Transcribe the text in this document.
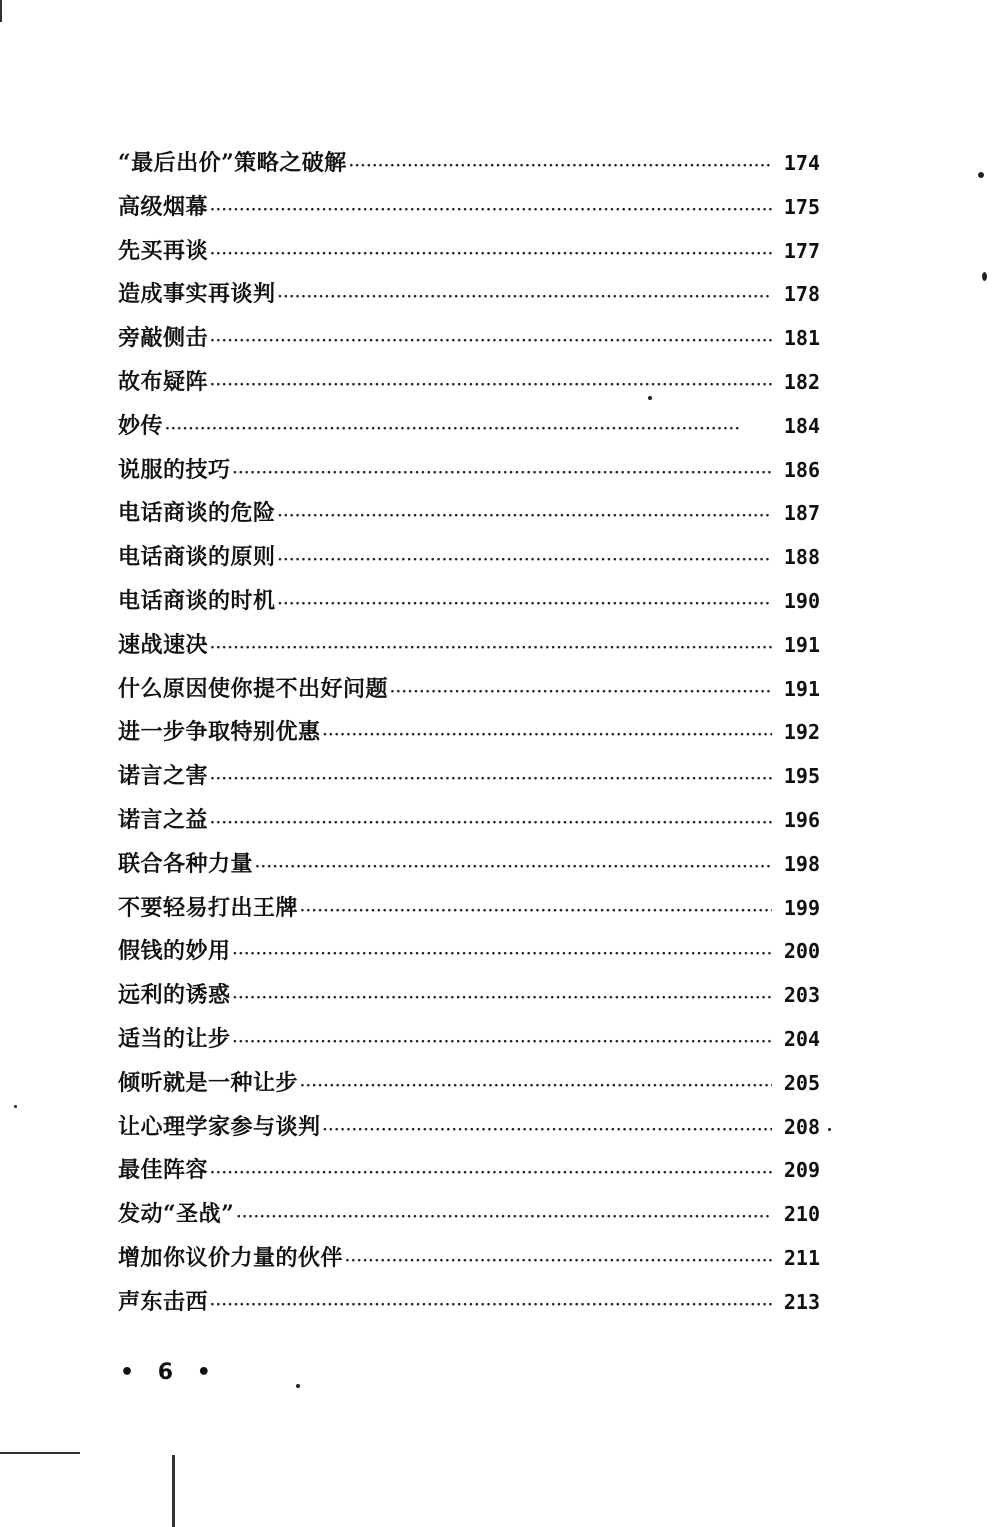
“最后出价”策略之破解 ·····	174
高级烟幕 ·····	175
先买再谈 ·····	177
造成事实再谈判 ·····	178
旁敲侧击 ·····	181
故布疑阵 ·····	182
妙传 ·····	184
说服的技巧 ·····	186
电话商谈的危险 ·····	187
电话商谈的原则 ·····	188
电话商谈的时机 ·····	190
速战速决 ·····	191
什么原因使你提不出好问题 ·····	191
进一步争取特别优惠 ·····	192
诺言之害 ·····	195
诺言之益 ·····	196
联合各种力量 ·····	198
不要轻易打出王牌 ·····	199
假钱的妙用 ·····	200
远利的诱惑 ·····	203
适当的让步 ·····	204
倾听就是一种让步 ·····	205
让心理学家参与谈判 ·····	208
最佳阵容 ·····	209
发动“圣战” ·····	210
增加你议价力量的伙伴 ·····	211
声东击西 ·····	213
• 6 •
